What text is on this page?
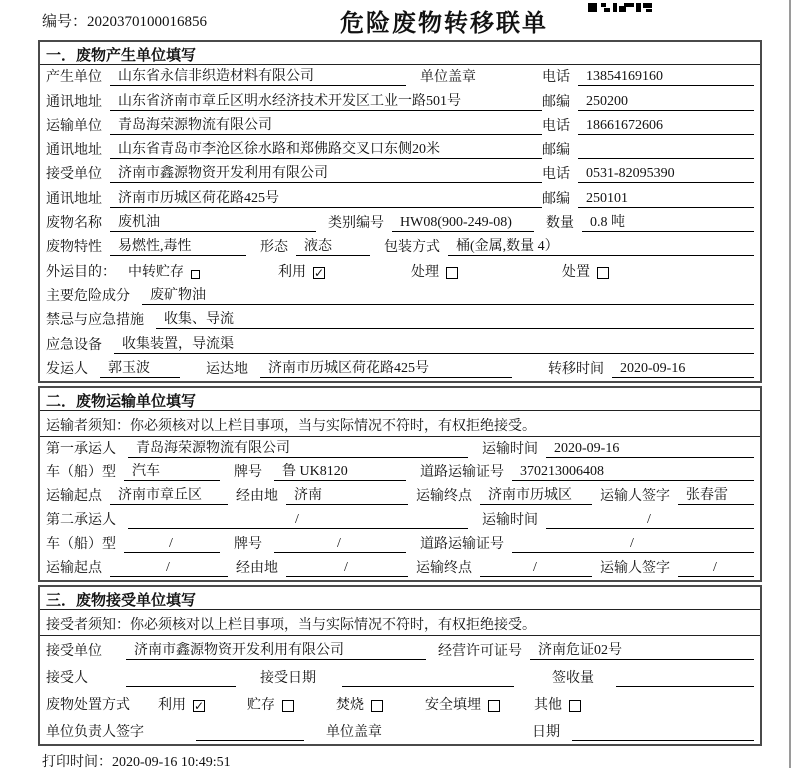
编号：2020370100016856	危险废物转移联单
一．废物产生单位填写
产生单位	山东省永信非织造材料有限公司	单位盖章	电话	13854169160
通讯地址	山东省济南市章丘区明水经济技术开发区工业一路501号	邮编	250200
运输单位	青岛海荣源物流有限公司	电话	18661672606
通讯地址	山东省青岛市李沧区徐水路和郑佛路交叉口东侧20米	邮编
接受单位	济南市鑫源物资开发利用有限公司	电话	0531-82095390
通讯地址	济南市历城区荷花路425号	邮编	250101
废物名称	废机油	类别编号	HW08(900-249-08)	数量	0.8 吨
废物特性	易燃性,毒性	形态	液态	包装方式	桶(金属,数量 4）
外运目的： 中转贮存	利用 ✓	处理	处置
主要危险成分	废矿物油
禁忌与应急措施	收集、导流
应急设备	收集装置，导流渠
发运人	郭玉波	运达地	济南市历城区荷花路425号	转移时间	2020-09-16
二．废物运输单位填写
运输者须知：你必须核对以上栏目事项，当与实际情况不符时，有权拒绝接受。
第一承运人	青岛海荣源物流有限公司	运输时间	2020-09-16
车（船）型	汽车	牌号	鲁 UK8120	道路运输证号	370213006408
运输起点	济南市章丘区	经由地	济南	运输终点	济南市历城区	运输人签字	张春雷
第二承运人	/	运输时间	/
车（船）型	/	牌号	/	道路运输证号	/
运输起点	/	经由地	/	运输终点	/	运输人签字	/
三．废物接受单位填写
接受者须知：你必须核对以上栏目事项，当与实际情况不符时，有权拒绝接受。
接受单位	济南市鑫源物资开发利用有限公司	经营许可证号	济南危证02号
接受人	接受日期	签收量
废物处置方式 利用 ✓	贮存	焚烧	安全填埋	其他
单位负责人签字	单位盖章	日期
打印时间：2020-09-16 10:49:51
